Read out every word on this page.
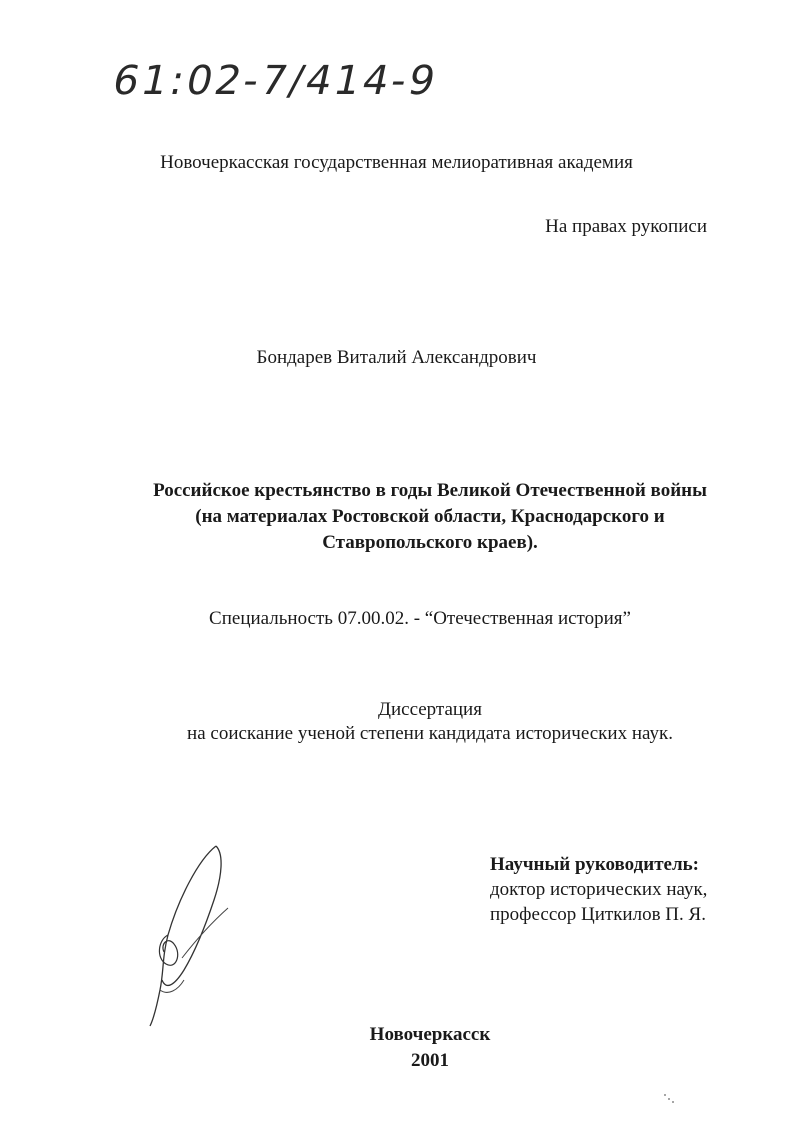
61:02-7/414-9
Новочеркасская государственная мелиоративная академия
На правах рукописи
Бондарев Виталий Александрович
Российское крестьянство в годы Великой Отечественной войны
(на материалах Ростовской области, Краснодарского и
Ставропольского краев).
Специальность 07.00.02. - “Отечественная история”
Диссертация
на соискание ученой степени кандидата исторических наук.
Научный руководитель:
доктор исторических наук,
профессор Циткилов П. Я.
Новочеркасск
2001
